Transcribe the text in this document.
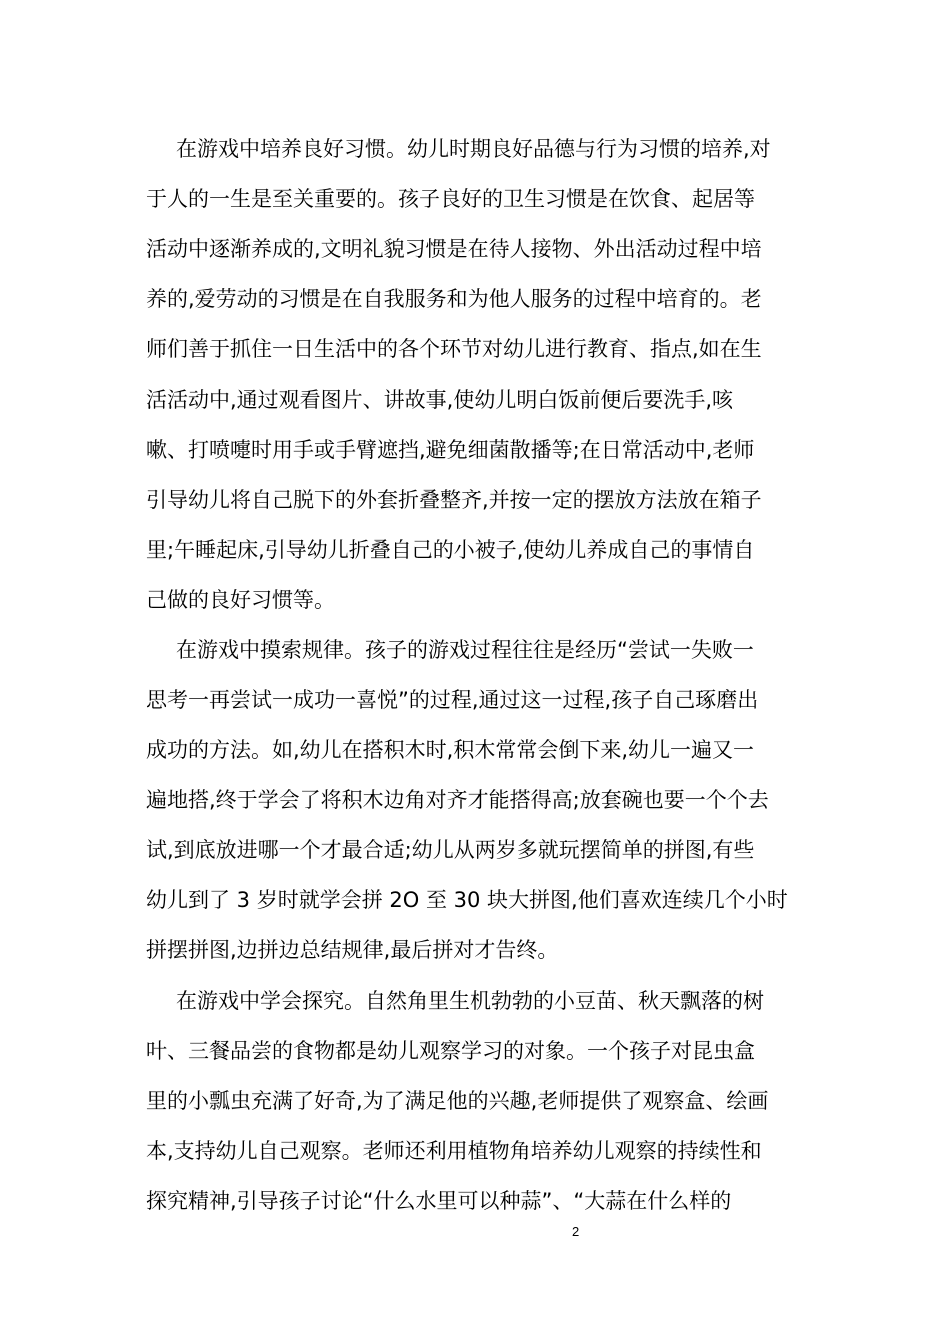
在游戏中培养良好习惯。幼儿时期良好品德与行为习惯的培养,对
于人的一生是至关重要的。孩子良好的卫生习惯是在饮食、起居等
活动中逐渐养成的,文明礼貌习惯是在待人接物、外出活动过程中培
养的,爱劳动的习惯是在自我服务和为他人服务的过程中培育的。老
师们善于抓住一日生活中的各个环节对幼儿进行教育、指点,如在生
活活动中,通过观看图片、讲故事,使幼儿明白饭前便后要洗手,咳
嗽、打喷嚏时用手或手臂遮挡,避免细菌散播等;在日常活动中,老师
引导幼儿将自己脱下的外套折叠整齐,并按一定的摆放方法放在箱子
里;午睡起床,引导幼儿折叠自己的小被子,使幼儿养成自己的事情自
己做的良好习惯等。
在游戏中摸索规律。孩子的游戏过程往往是经历“尝试一失败一
思考一再尝试一成功一喜悦”的过程,通过这一过程,孩子自己琢磨出
成功的方法。如,幼儿在搭积木时,积木常常会倒下来,幼儿一遍又一
遍地搭,终于学会了将积木边角对齐才能搭得高;放套碗也要一个个去
试,到底放进哪一个才最合适;幼儿从两岁多就玩摆简单的拼图,有些
幼儿到了 3 岁时就学会拼 2O 至 30 块大拼图,他们喜欢连续几个小时
拼摆拼图,边拼边总结规律,最后拼对才告终。
在游戏中学会探究。自然角里生机勃勃的小豆苗、秋天飘落的树
叶、三餐品尝的食物都是幼儿观察学习的对象。一个孩子对昆虫盒
里的小瓢虫充满了好奇,为了满足他的兴趣,老师提供了观察盒、绘画
本,支持幼儿自己观察。老师还利用植物角培养幼儿观察的持续性和
探究精神,引导孩子讨论“什么水里可以种蒜”、“大蒜在什么样的
2
